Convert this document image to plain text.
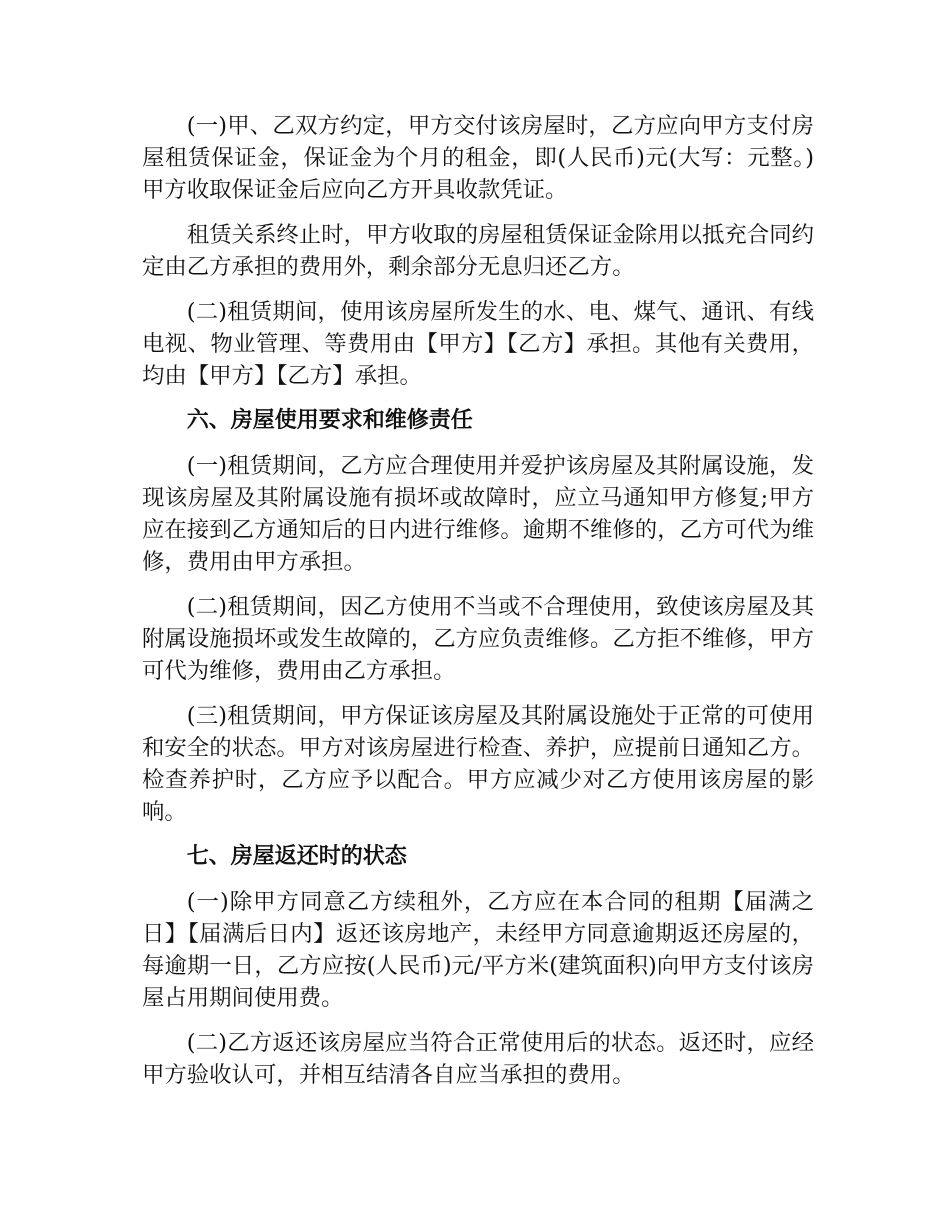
(一)甲、乙双方约定，甲方交付该房屋时，乙方应向甲方支付房屋租赁保证金，保证金为个月的租金，即(人民币)元(大写：元整。)甲方收取保证金后应向乙方开具收款凭证。

租赁关系终止时，甲方收取的房屋租赁保证金除用以抵充合同约定由乙方承担的费用外，剩余部分无息归还乙方。

(二)租赁期间，使用该房屋所发生的水、电、煤气、通讯、有线电视、物业管理、等费用由【甲方】【乙方】承担。其他有关费用，均由【甲方】【乙方】承担。

六、房屋使用要求和维修责任

(一)租赁期间，乙方应合理使用并爱护该房屋及其附属设施，发现该房屋及其附属设施有损坏或故障时，应立马通知甲方修复;甲方应在接到乙方通知后的日内进行维修。逾期不维修的，乙方可代为维修，费用由甲方承担。

(二)租赁期间，因乙方使用不当或不合理使用，致使该房屋及其附属设施损坏或发生故障的，乙方应负责维修。乙方拒不维修，甲方可代为维修，费用由乙方承担。

(三)租赁期间，甲方保证该房屋及其附属设施处于正常的可使用和安全的状态。甲方对该房屋进行检查、养护，应提前日通知乙方。检查养护时，乙方应予以配合。甲方应减少对乙方使用该房屋的影响。

七、房屋返还时的状态

(一)除甲方同意乙方续租外，乙方应在本合同的租期【届满之日】【届满后日内】返还该房地产，未经甲方同意逾期返还房屋的，每逾期一日，乙方应按(人民币)元/平方米(建筑面积)向甲方支付该房屋占用期间使用费。

(二)乙方返还该房屋应当符合正常使用后的状态。返还时，应经甲方验收认可，并相互结清各自应当承担的费用。
